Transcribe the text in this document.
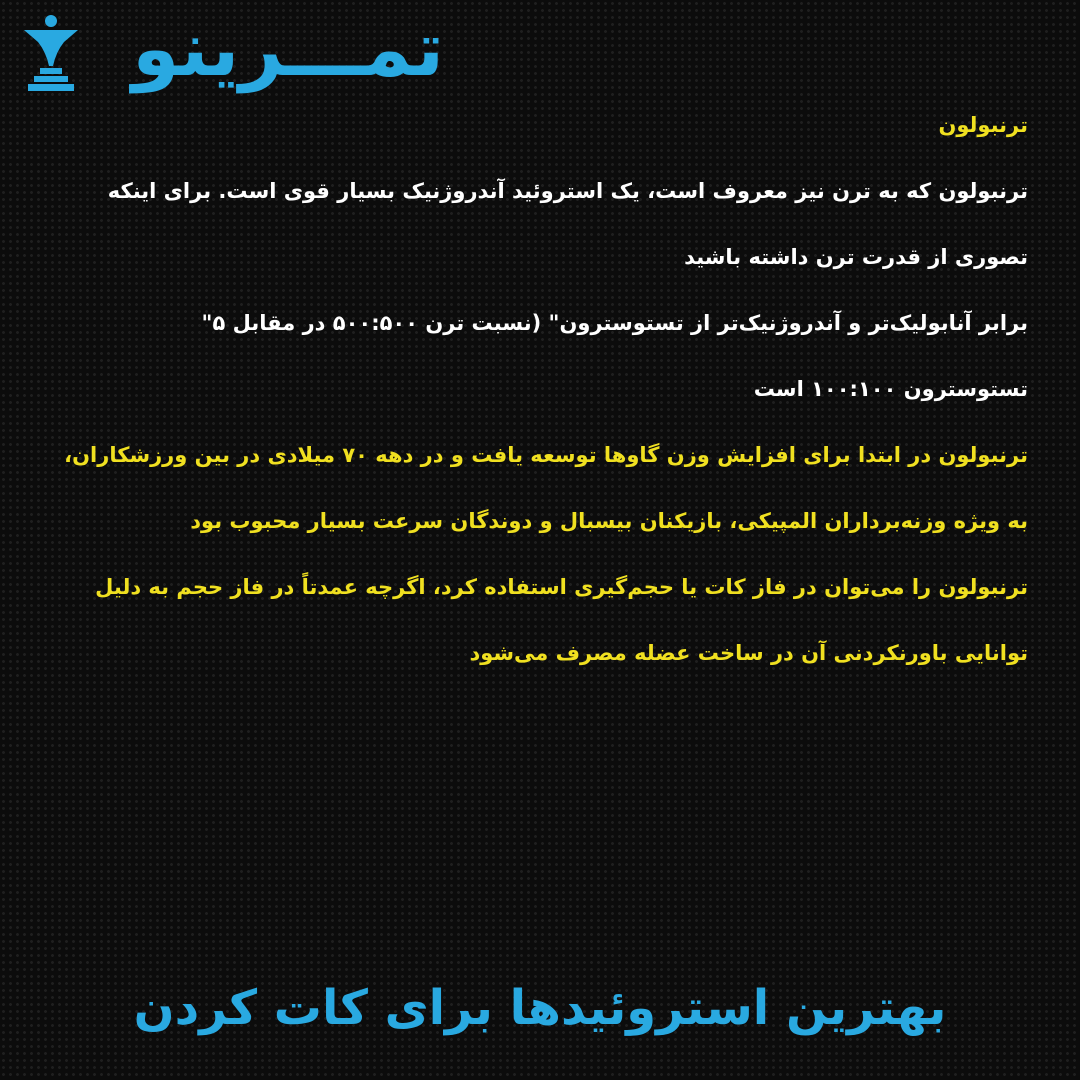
تمـــرینو

ترنبولون

ترنبولون که به ترن نیز معروف است، یک استروئید آندروژنیک بسیار قوی است. برای اینکه

تصوری از قدرت ترن داشته باشید

برابر آنابولیک‌تر و آندروژنیک‌تر از تستوسترون" (نسبت ترن ۵۰۰:۵۰۰ در مقابل ۵"

تستوسترون ۱۰۰:۱۰۰ است

ترنبولون در ابتدا برای افزایش وزن گاوها توسعه یافت و در دهه ۷۰ میلادی در بین ورزشکاران،

به ویژه وزنه‌برداران المپیکی، بازیکنان بیسبال و دوندگان سرعت بسیار محبوب بود

ترنبولون را می‌توان در فاز کات یا حجم‌گیری استفاده کرد، اگرچه عمدتاً در فاز حجم به دلیل

توانایی باورنکردنی آن در ساخت عضله مصرف می‌شود

بهترین استروئیدها برای کات کردن
